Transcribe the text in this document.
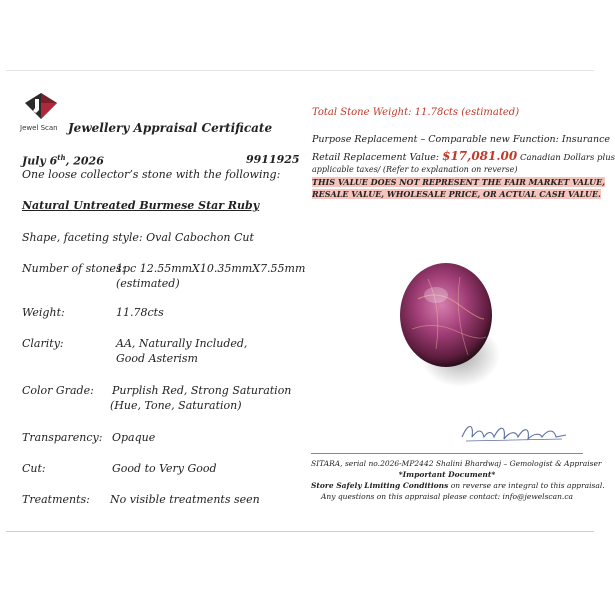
Jewel Scan Jewellery Appraisal Certificate
July 6th, 2026	9911925
One loose collector’s stone with the following:
Natural Untreated Burmese Star Ruby
Shape, faceting style: Oval Cabochon Cut
Number of stones:
1pc 12.55mmX10.35mmX7.55mm
(estimated)
Weight:	11.78cts
Clarity:	AA, Naturally Included,
Good Asterism
Color Grade: Purplish Red, Strong Saturation
(Hue, Tone, Saturation)
Transparency: Opaque
Cut:	Good to Very Good
Treatments: No visible treatments seen
Total Stone Weight: 11.78cts (estimated)
Purpose Replacement – Comparable new Function: Insurance
Retail Replacement Value: $17,081.00 Canadian Dollars plus
applicable taxes/ (Refer to explanation on reverse)
THIS VALUE DOES NOT REPRESENT THE FAIR MARKET VALUE,
RESALE VALUE, WHOLESALE PRICE, OR ACTUAL CASH VALUE.
SITARA, serial no.2026-MP2442 Shalini Bhardwaj – Gemologist & Appraiser
*Important Document*
Store Safely Limiting Conditions on reverse are integral to this appraisal.
Any questions on this appraisal please contact: info@jewelscan.ca
